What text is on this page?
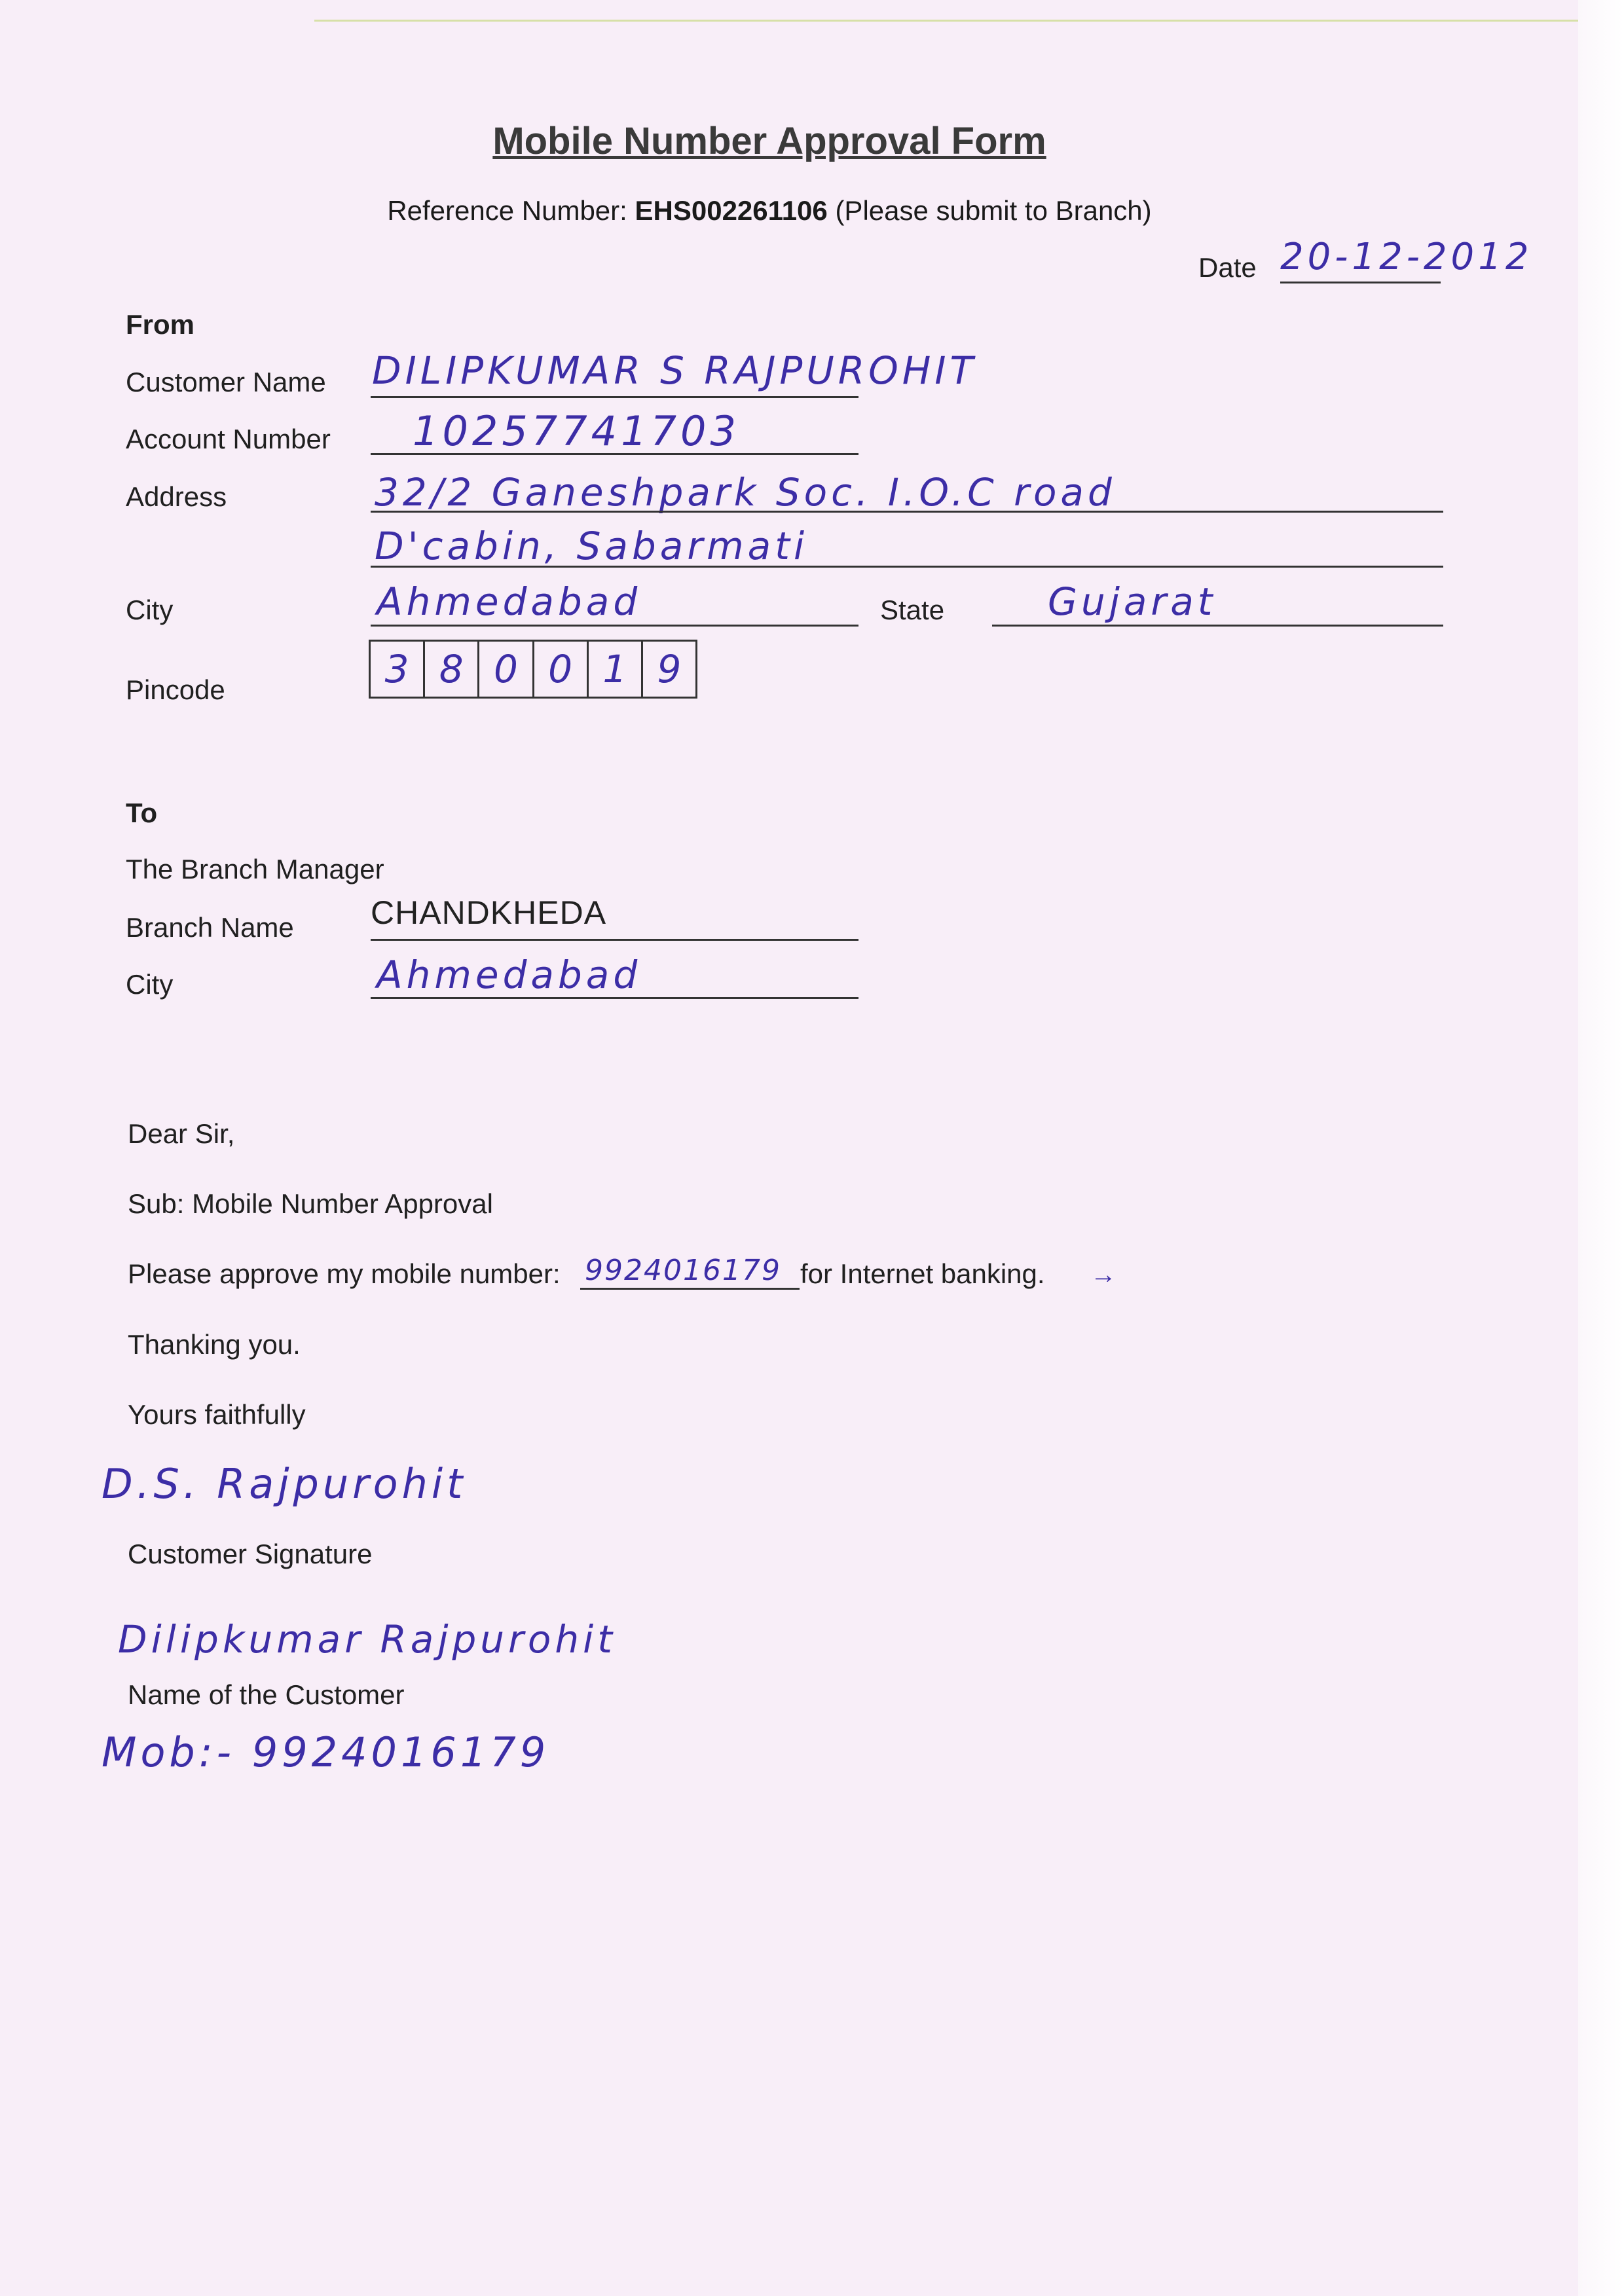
Mobile Number Approval Form
Reference Number: EHS002261106 (Please submit to Branch)
Date 20-12-2012
From
Customer Name DILIPKUMAR S RAJPUROHIT
Account Number 10257741703
Address	32/2 Ganeshpark Soc. I.O.C road
D'cabin, Sabarmati
City	Ahmedabad	State	Gujarat
Pincode	3 8 0 0 1 9
To
The Branch Manager
Branch Name CHANDKHEDA
City	Ahmedabad
Dear Sir,
Sub: Mobile Number Approval
Please approve my mobile number: 9924016179 for Internet banking. →
Thanking you.
Yours faithfully
D.S. Rajpurohit
Customer Signature
Dilipkumar Rajpurohit
Name of the Customer
Mob:- 9924016179
